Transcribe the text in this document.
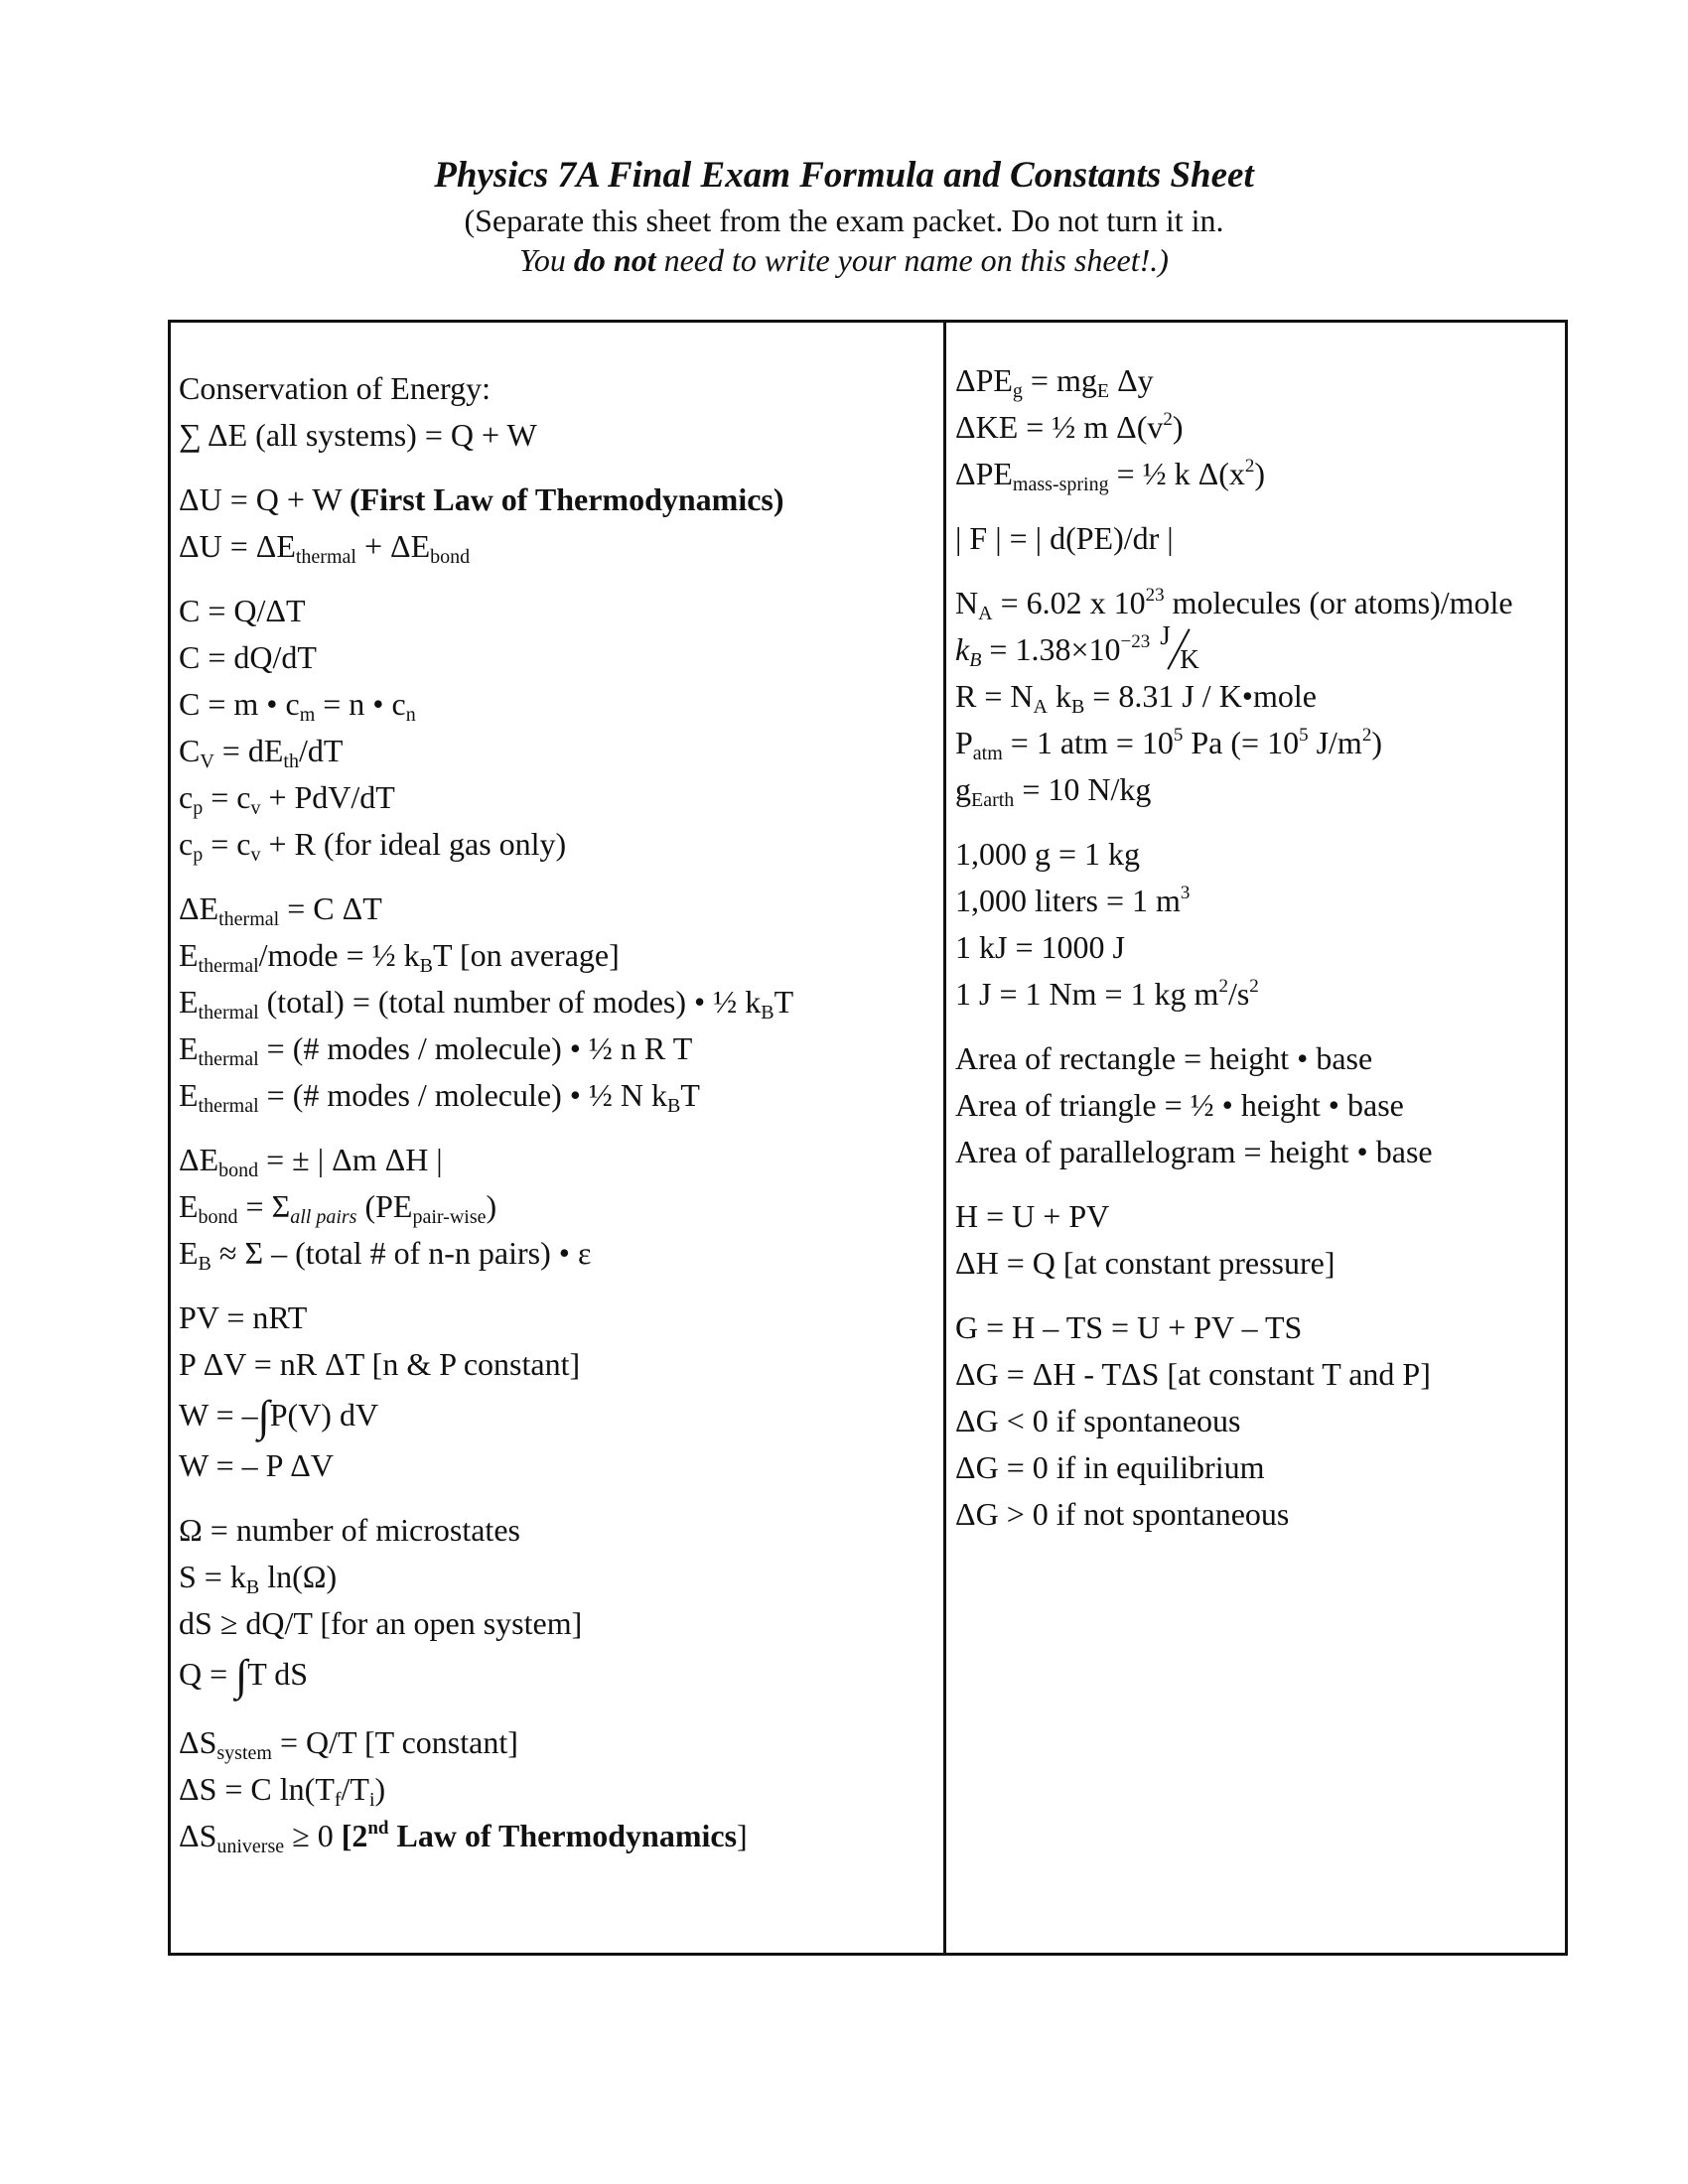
Physics 7A Final Exam Formula and Constants Sheet
(Separate this sheet from the exam packet. Do not turn it in.
You do not need to write your name on this sheet!.)
Conservation of Energy:
∑ ΔE (all systems) = Q + W
ΔU = Q + W (First Law of Thermodynamics)
ΔU = ΔEthermal + ΔEbond
C = Q/ΔT
C = dQ/dT
C = m • cm = n • cn
CV = dEth/dT
cp = cv + PdV/dT
cp = cv + R (for ideal gas only)
ΔEthermal = C ΔT
Ethermal/mode = ½ kBT [on average]
Ethermal (total) = (total number of modes) • ½ kBT
Ethermal = (# modes / molecule) • ½ n R T
Ethermal = (# modes / molecule) • ½ N kBT
ΔEbond = ± | Δm ΔH |
Ebond = Σall pairs (PEpair-wise)
EB ≈ Σ – (total # of n-n pairs) • ε
PV = nRT
P ΔV = nR ΔT [n & P constant]
W = –∫P(V) dV
W = – P ΔV
Ω = number of microstates
S = kB ln(Ω)
dS ≥ dQ/T [for an open system]
Q = ∫T dS
ΔSsystem = Q/T [T constant]
ΔS = C ln(Tf/Ti)
ΔSuniverse ≥ 0 [2nd Law of Thermodynamics]
ΔPEg = mgE Δy
ΔKE = ½ m $\Delta(v^2)$
ΔPEmass-spring = ½ k $\Delta(x^2)$
| F | = | d(PE)/dr |
NA = 6.02 x $10^{23}$ molecules (or atoms)/mole
kB = $1.38\times 10^{-23}$ J
K
R = NA kB = 8.31 J / K•mole
Patm = 1 atm = $10^5$ Pa (= $10^5$ $J/m^2$)
gEarth = 10 N/kg
1,000 g = 1 kg
1,000 liters = 1 $m^3$
1 kJ = 1000 J
1 J = 1 Nm = 1 kg $m^2/s^2$
Area of rectangle = height • base
Area of triangle = ½ • height • base
Area of parallelogram = height • base
H = U + PV
ΔH = Q [at constant pressure]
G = H – TS = U + PV – TS
ΔG = ΔH - TΔS [at constant T and P]
ΔG < 0 if spontaneous
ΔG = 0 if in equilibrium
ΔG > 0 if not spontaneous
